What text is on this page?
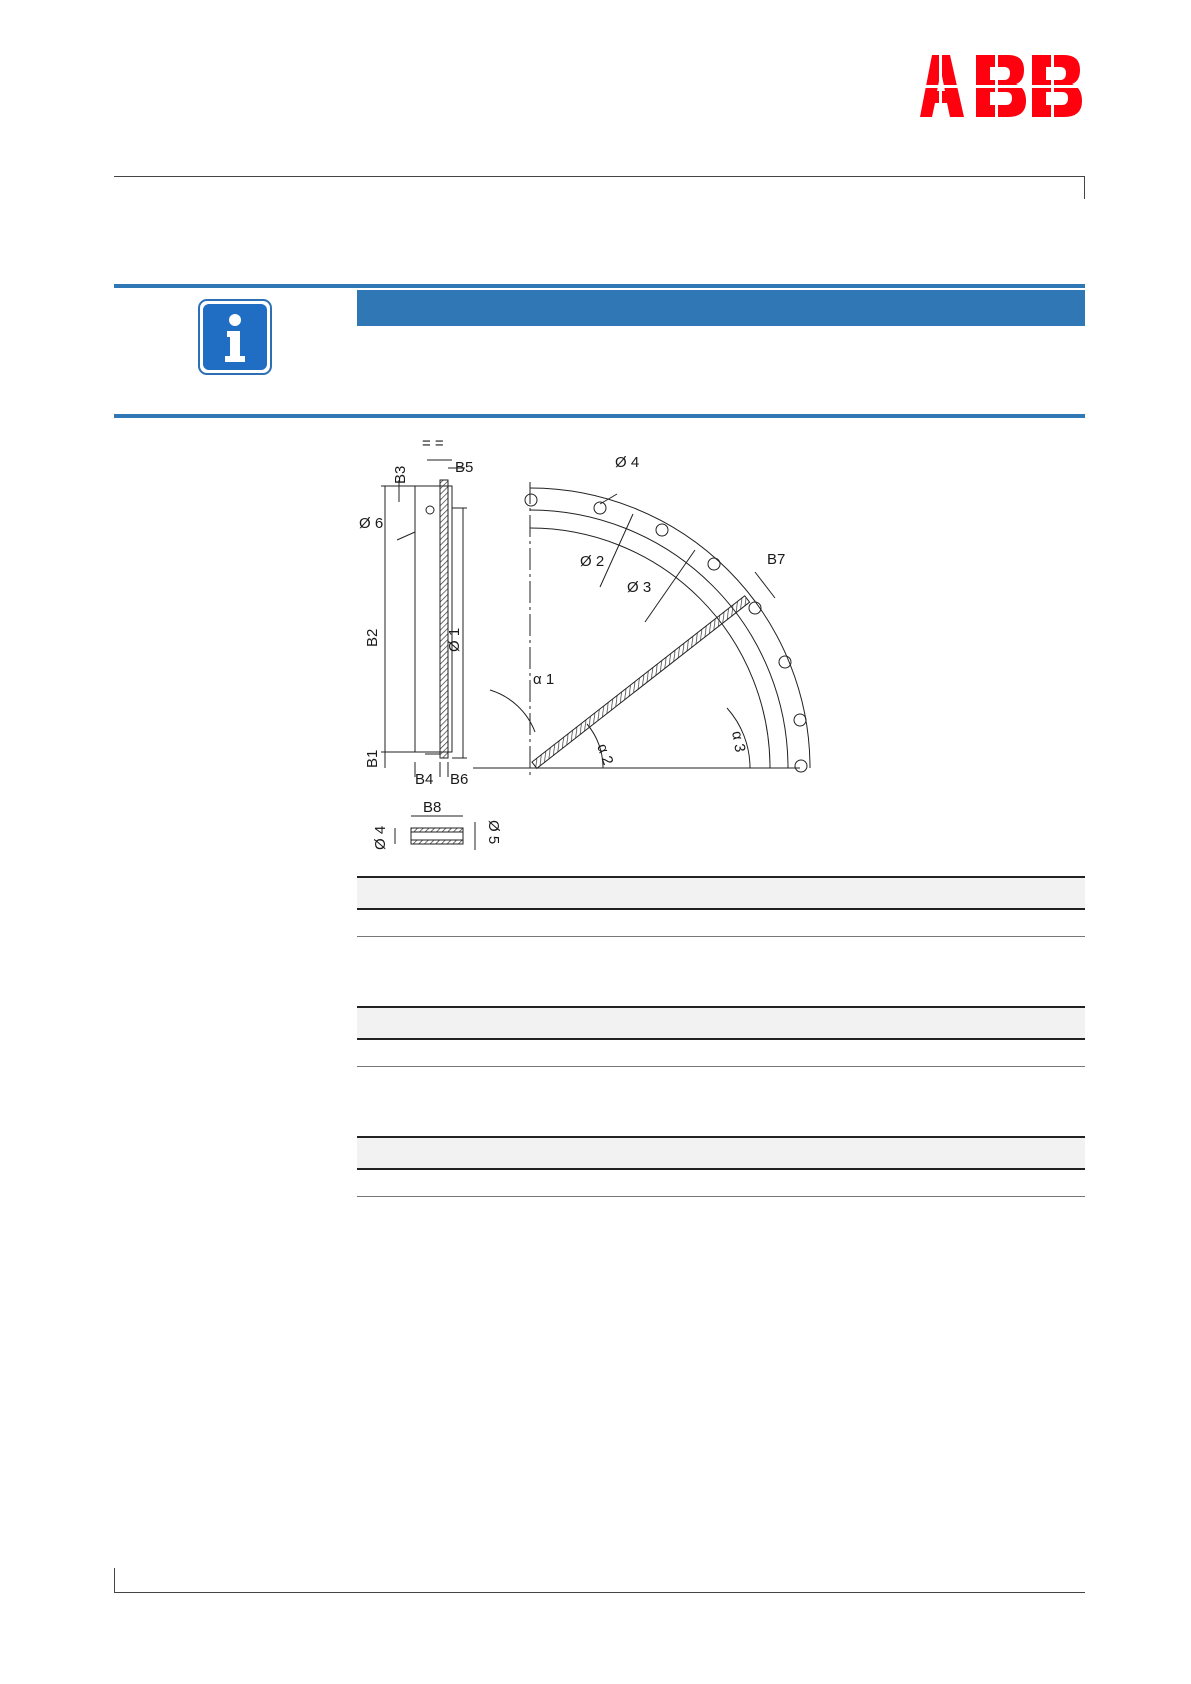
= =
B5
B3
Ø 6
B2	Ø 1
B1
B4 B6
Ø 4
Ø 2
Ø 3
B7
α 1
α 2	α 3
B8
Ø 4	Ø 5
